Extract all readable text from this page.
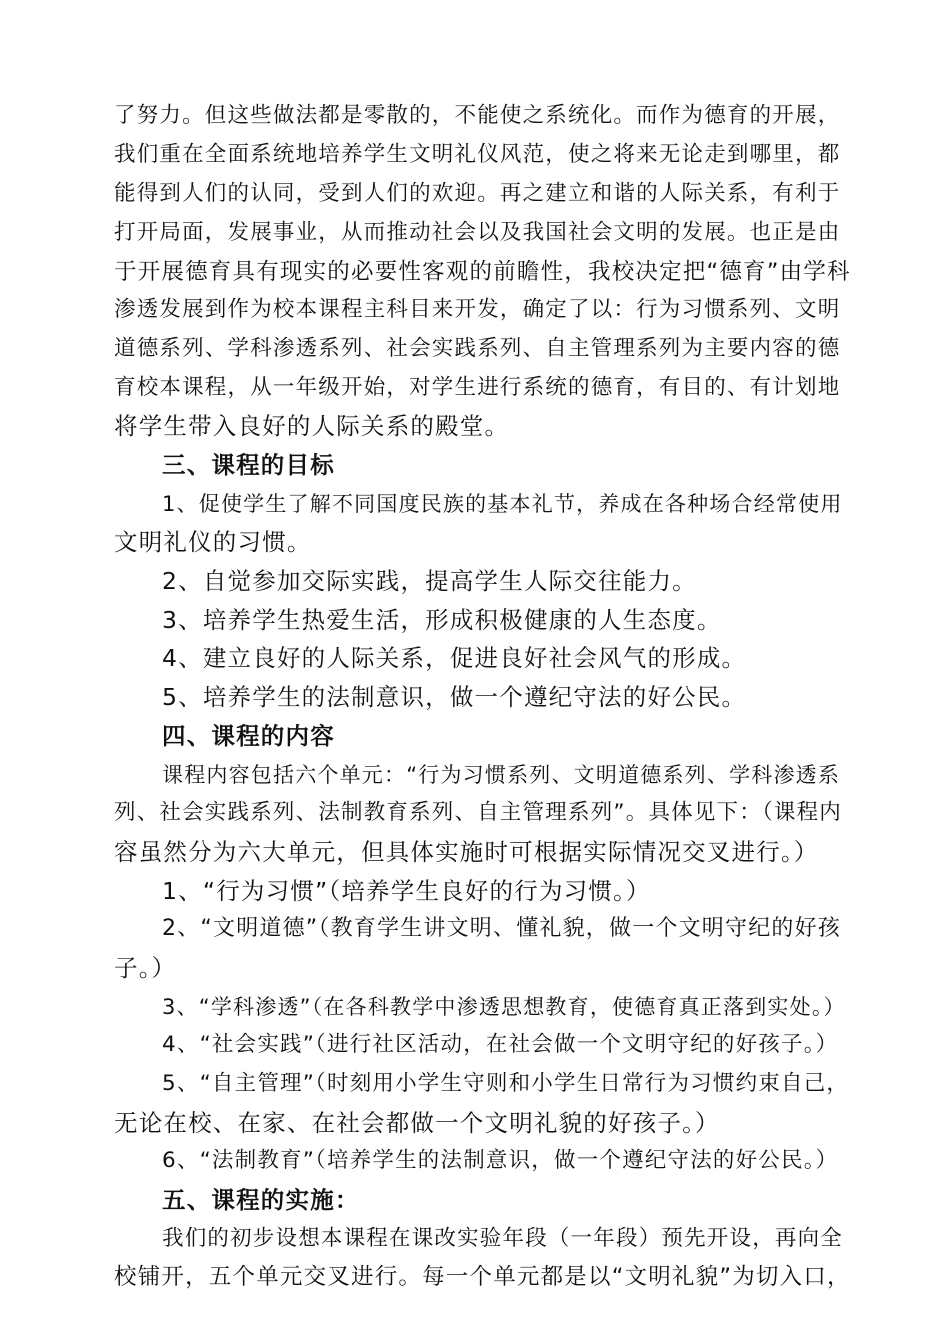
了努力。但这些做法都是零散的，不能使之系统化。而作为德育的开展，
我们重在全面系统地培养学生文明礼仪风范，使之将来无论走到哪里，都
能得到人们的认同，受到人们的欢迎。再之建立和谐的人际关系，有利于
打开局面，发展事业，从而推动社会以及我国社会文明的发展。也正是由
于开展德育具有现实的必要性客观的前瞻性，我校决定把“德育”由学科
渗透发展到作为校本课程主科目来开发，确定了以：行为习惯系列、文明
道德系列、学科渗透系列、社会实践系列、自主管理系列为主要内容的德
育校本课程，从一年级开始，对学生进行系统的德育，有目的、有计划地
将学生带入良好的人际关系的殿堂。
三、课程的目标
1、促使学生了解不同国度民族的基本礼节，养成在各种场合经常使用
文明礼仪的习惯。
2、自觉参加交际实践，提高学生人际交往能力。
3、培养学生热爱生活，形成积极健康的人生态度。
4、建立良好的人际关系，促进良好社会风气的形成。
5、培养学生的法制意识，做一个遵纪守法的好公民。
四、课程的内容
课程内容包括六个单元：“行为习惯系列、文明道德系列、学科渗透系
列、社会实践系列、法制教育系列、自主管理系列”。具体见下：（课程内
容虽然分为六大单元，但具体实施时可根据实际情况交叉进行。）
1、“行为习惯”（培养学生良好的行为习惯。）
2、“文明道德”（教育学生讲文明、懂礼貌，做一个文明守纪的好孩
子。）
3、“学科渗透”（在各科教学中渗透思想教育，使德育真正落到实处。）
4、“社会实践”（进行社区活动，在社会做一个文明守纪的好孩子。）
5、“自主管理”（时刻用小学生守则和小学生日常行为习惯约束自己，
无论在校、在家、在社会都做一个文明礼貌的好孩子。）
6、“法制教育”（培养学生的法制意识，做一个遵纪守法的好公民。）
五、课程的实施：
我们的初步设想本课程在课改实验年段（一年段）预先开设，再向全
校铺开，五个单元交叉进行。每一个单元都是以“文明礼貌”为切入口，
